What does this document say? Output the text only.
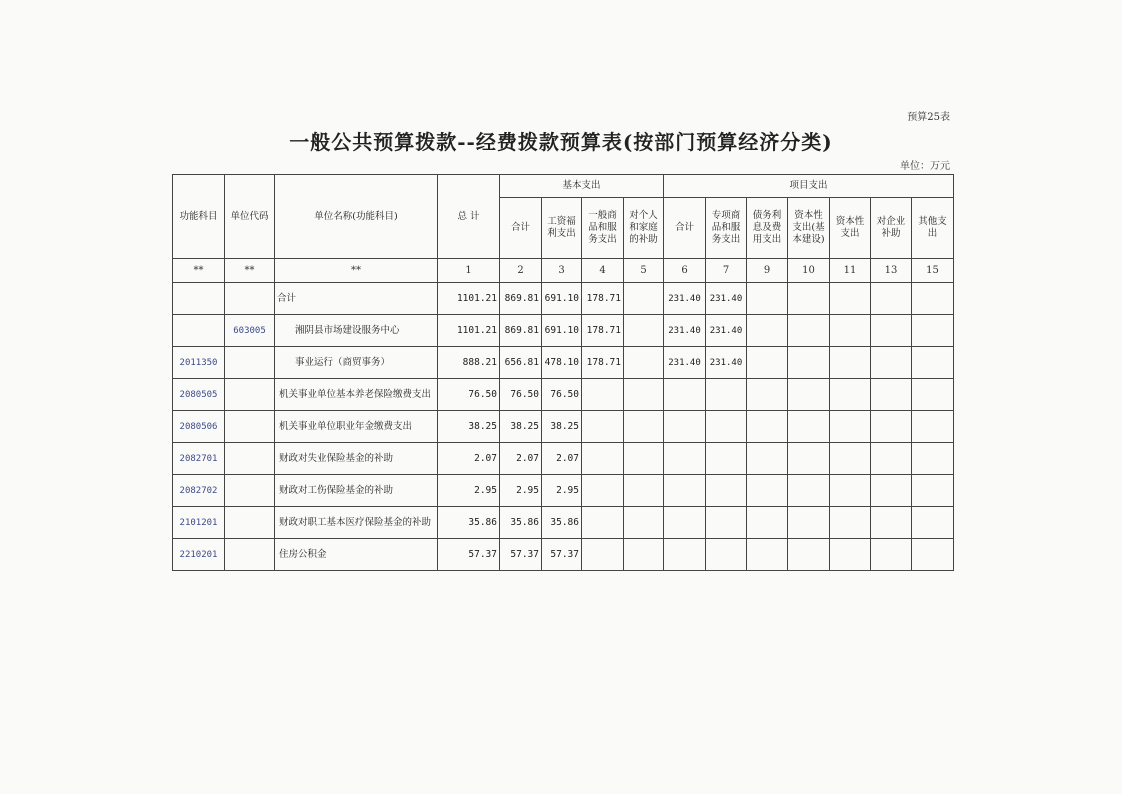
预算25表
一般公共预算拨款--经费拨款预算表(按部门预算经济分类)
单位：万元
功能科目	单位代码	单位名称(功能科目)	总 计	基本支出				项目支出						
				合计	工资福利支出	一般商品和服务支出	对个人和家庭的补助	合计	专项商品和服务支出	债务利息及费用支出	资本性支出(基本建设)	资本性支出	对企业补助	其他支出
**	**	**	1	2	3	4	5	6	7	9	10	11	13	15
		合计	1101.21	869.81	691.10	178.71		231.40	231.40					
	603005	湘阴县市场建设服务中心	1101.21	869.81	691.10	178.71		231.40	231.40					
2011350		事业运行（商贸事务）	888.21	656.81	478.10	178.71		231.40	231.40					
2080505		机关事业单位基本养老保险缴费支出	76.50	76.50	76.50									
2080506		机关事业单位职业年金缴费支出	38.25	38.25	38.25									
2082701		财政对失业保险基金的补助	2.07	2.07	2.07									
2082702		财政对工伤保险基金的补助	2.95	2.95	2.95									
2101201		财政对职工基本医疗保险基金的补助	35.86	35.86	35.86									
2210201		住房公积金	57.37	57.37	57.37									
